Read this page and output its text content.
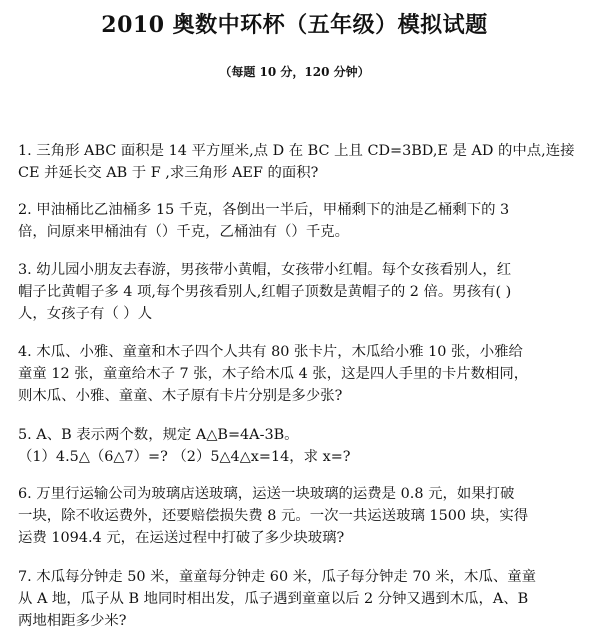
2010 奥数中环杯（五年级）模拟试题
（每题 10 分，120 分钟）
1. 三角形 ABC 面积是 14 平方厘米,点 D 在 BC 上且 CD=3BD,E 是 AD 的中点,连接
CE 并延长交 AB 于 F ,求三角形 AEF 的面积?
2. 甲油桶比乙油桶多 15 千克，各倒出一半后，甲桶剩下的油是乙桶剩下的 3
倍，问原来甲桶油有（）千克，乙桶油有（）千克。
3. 幼儿园小朋友去春游，男孩带小黄帽，女孩带小红帽。每个女孩看别人，红
帽子比黄帽子多 4 项,每个男孩看别人,红帽子顶数是黄帽子的 2 倍。男孩有( )
人，女孩子有（ ）人
4. 木瓜、小雅、童童和木子四个人共有 80 张卡片，木瓜给小雅 10 张，小雅给
童童 12 张，童童给木子 7 张，木子给木瓜 4 张，这是四人手里的卡片数相同，
则木瓜、小雅、童童、木子原有卡片分别是多少张?
5. A、B 表示两个数，规定 A△B=4A-3B。
（1）4.5△（6△7）=? （2）5△4△x=14，求 x=?
6. 万里行运输公司为玻璃店送玻璃，运送一块玻璃的运费是 0.8 元，如果打破
一块，除不收运费外，还要赔偿损失费 8 元。一次一共运送玻璃 1500 块，实得
运费 1094.4 元，在运送过程中打破了多少块玻璃?
7. 木瓜每分钟走 50 米，童童每分钟走 60 米，瓜子每分钟走 70 米，木瓜、童童
从 A 地，瓜子从 B 地同时相出发，瓜子遇到童童以后 2 分钟又遇到木瓜，A、B
两地相距多少米?
